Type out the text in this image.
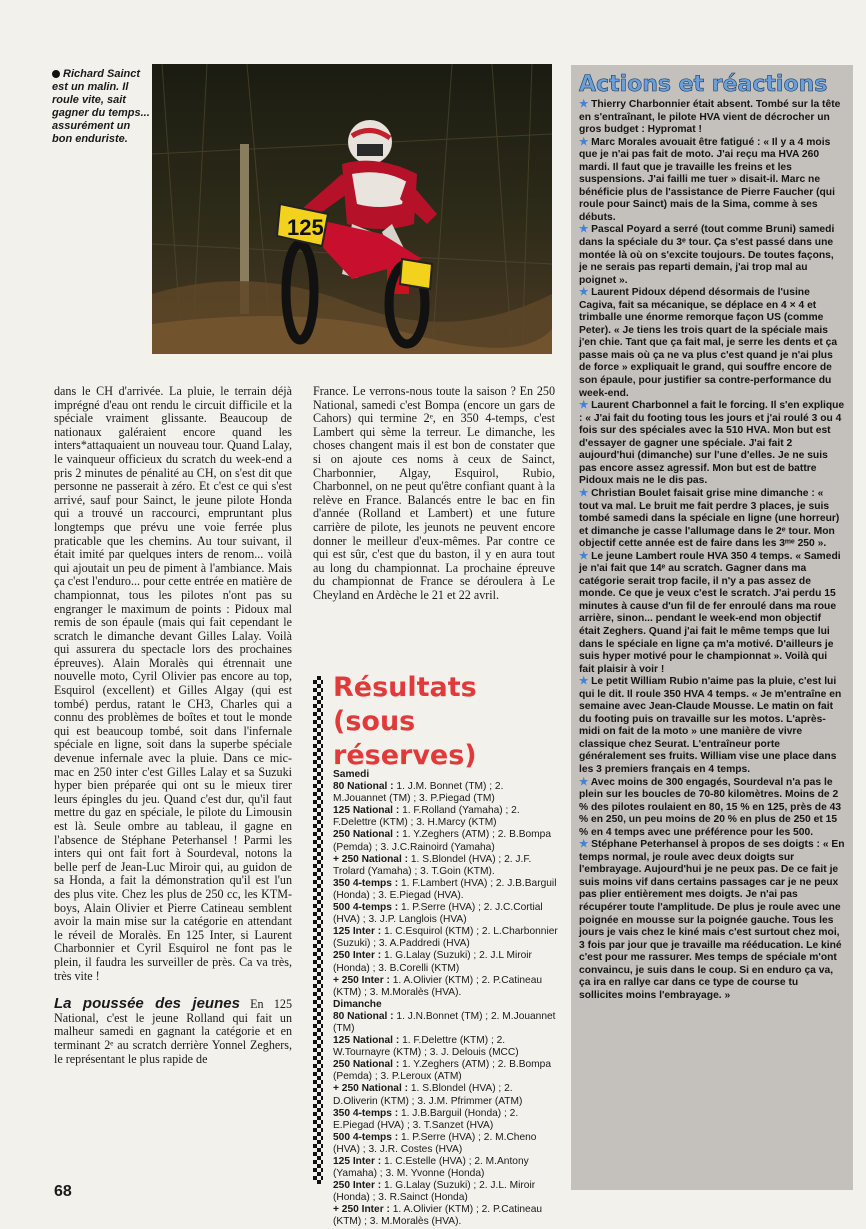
Richard Sainct est un malin. Il roule vite, sait gagner du temps... assurément un bon enduriste.
125

dans le CH d'arrivée. La pluie, le terrain déjà imprégné d'eau ont rendu le circuit difficile et la spéciale vraiment glissante. Beaucoup de nationaux galéraient encore quand les inters*attaquaient un nouveau tour. Quand Lalay, le vainqueur officieux du scratch du week-end a pris 2 minutes de pénalité au CH, on s'est dit que personne ne passerait à zéro. Et c'est ce qui s'est arrivé, sauf pour Sainct, le jeune pilote Honda qui a trouvé un raccourci, empruntant plus longtemps que prévu une voie ferrée plus praticable que les chemins. Au tour suivant, il était imité par quelques inters de renom... voilà qui ajoutait un peu de piment à l'ambiance. Mais ça c'est l'enduro... pour cette entrée en matière de championnat, tous les pilotes n'ont pas su engranger le maximum de points : Pidoux mal remis de son épaule (mais qui fait cependant le scratch le dimanche devant Gilles Lalay. Voilà qui assurera du spectacle lors des prochaines épreuves). Alain Moralès qui étrennait une nouvelle moto, Cyril Olivier pas encore au top, Esquirol (excellent) et Gilles Algay (qui est tombé) perdus, ratant le CH3, Charles qui a connu des problèmes de boîtes et tout le monde qui est beaucoup tombé, soit dans l'infernale spéciale en ligne, soit dans la superbe spéciale devenue infernale avec la pluie. Dans ce mic-mac en 250 inter c'est Gilles Lalay et sa Suzuki hyper bien préparée qui ont su le mieux tirer leurs épingles du jeu. Quand c'est dur, qu'il faut mettre du gaz en spéciale, le pilote du Limousin est là. Seule ombre au tableau, il gagne en l'absence de Stéphane Peterhansel ! Parmi les inters qui ont fait fort à Sourdeval, notons la belle perf de Jean-Luc Miroir qui, au guidon de sa Honda, a fait la démonstration qu'il est l'un des plus vite. Chez les plus de 250 cc, les KTM-boys, Alain Olivier et Pierre Catineau semblent avoir la main mise sur la catégorie en attendant le réveil de Moralès. En 125 Inter, si Laurent Charbonnier et Cyril Esquirol ne font pas le plein, il faudra les surveiller de près. Ca va très, très vite !

La poussée des jeunes En 125 National, c'est le jeune Rolland qui fait un malheur samedi en gagnant la catégorie et en terminant 2ᵉ au scratch derrière Yonnel Zeghers, le représentant le plus rapide de

France. Le verrons-nous toute la saison ? En 250 National, samedi c'est Bompa (encore un gars de Cahors) qui termine 2ᵉ, en 350 4-temps, c'est Lambert qui sème la terreur. Le dimanche, les choses changent mais il est bon de constater que si on ajoute ces noms à ceux de Sainct, Charbonnier, Algay, Esquirol, Rubio, Charbonnel, on ne peut qu'être confiant quant à la relève en France. Balancés entre le bac en fin d'année (Rolland et Lambert) et une future carrière de pilote, les jeunots ne peuvent encore donner le meilleur d'eux-mêmes. Par contre ce qui est sûr, c'est que du baston, il y en aura tout au long du championnat. La prochaine épreuve du championnat de France se déroulera à Le Cheyland en Ardèche le 21 et 22 avril.

Résultats (sous réserves)

Samedi

80 National : 1. J.M. Bonnet (TM) ; 2. M.Jouannet (TM) ; 3. P.Piegad (TM)

125 National : 1. F.Rolland (Yamaha) ; 2. F.Delettre (KTM) ; 3. H.Marcy (KTM)

250 National : 1. Y.Zeghers (ATM) ; 2. B.Bompa (Pemda) ; 3. J.C.Rainoird (Yamaha)

+ 250 National : 1. S.Blondel (HVA) ; 2. J.F. Trolard (Yamaha) ; 3. T.Goin (KTM).

350 4-temps : 1. F.Lambert (HVA) ; 2. J.B.Barguil (Honda) ; 3. E.Piegad (HVA).

500 4-temps : 1. P.Serre (HVA) ; 2. J.C.Cortial (HVA) ; 3. J.P. Langlois (HVA)

125 Inter : 1. C.Esquirol (KTM) ; 2. L.Charbonnier (Suzuki) ; 3. A.Paddredi (HVA)

250 Inter : 1. G.Lalay (Suzuki) ; 2. J.L Miroir (Honda) ; 3. B.Corelli (KTM)

+ 250 Inter : 1. A.Olivier (KTM) ; 2. P.Catineau (KTM) ; 3. M.Moralès (HVA).

Dimanche

80 National : 1. J.N.Bonnet (TM) ; 2. M.Jouannet (TM)

125 National : 1. F.Delettre (KTM) ; 2. W.Tournayre (KTM) ; 3. J. Delouis (MCC)

250 National : 1. Y.Zeghers (ATM) ; 2. B.Bompa (Pemda) ; 3. P.Leroux (ATM)

+ 250 National : 1. S.Blondel (HVA) ; 2. D.Oliverin (KTM) ; 3. J.M. Pfrimmer (ATM)

350 4-temps : 1. J.B.Barguil (Honda) ; 2. E.Piegad (HVA) ; 3. T.Sanzet (HVA)

500 4-temps : 1. P.Serre (HVA) ; 2. M.Cheno (HVA) ; 3. J.R. Costes (HVA)

125 Inter : 1. C.Estelle (HVA) ; 2. M.Antony (Yamaha) ; 3. M. Yvonne (Honda)

250 Inter : 1. G.Lalay (Suzuki) ; 2. J.L. Miroir (Honda) ; 3. R.Sainct (Honda)

+ 250 Inter : 1. A.Olivier (KTM) ; 2. P.Catineau (KTM) ; 3. M.Moralès (HVA).

68
Actions et réactions

★ Thierry Charbonnier était absent. Tombé sur la tête en s'entraînant, le pilote HVA vient de décrocher un gros budget : Hypromat !

★ Marc Morales avouait être fatigué : « Il y a 4 mois que je n'ai pas fait de moto. J'ai reçu ma HVA 260 mardi. Il faut que je travaille les freins et les suspensions. J'ai failli me tuer » disait-il. Marc ne bénéficie plus de l'assistance de Pierre Faucher (qui roule pour Sainct) mais de la Sima, comme à ses débuts.

★ Pascal Poyard a serré (tout comme Bruni) samedi dans la spéciale du 3ᵉ tour. Ça s'est passé dans une montée là où on s'excite toujours. De toutes façons, je ne serais pas reparti demain, j'ai trop mal au poignet ».

★ Laurent Pidoux dépend désormais de l'usine Cagiva, fait sa mécanique, se déplace en 4 × 4 et trimballe une énorme remorque façon US (comme Peter). « Je tiens les trois quart de la spéciale mais j'en chie. Tant que ça fait mal, je serre les dents et ça passe mais où ça ne va plus c'est quand je n'ai plus de force » expliquait le grand, qui souffre encore de son épaule, pour justifier sa contre-performance du week-end.

★ Laurent Charbonnel a fait le forcing. Il s'en explique : « J'ai fait du footing tous les jours et j'ai roulé 3 ou 4 fois sur des spéciales avec la 510 HVA. Mon but est d'essayer de gagner une spéciale. J'ai fait 2 aujourd'hui (dimanche) sur l'une d'elles. Je ne suis pas encore assez agressif. Mon but est de battre Pidoux mais ne le dis pas.

★ Christian Boulet faisait grise mine dimanche : « tout va mal. Le bruit me fait perdre 3 places, je suis tombé samedi dans la spéciale en ligne (une horreur) et dimanche je casse l'allumage dans le 2ᵉ tour. Mon objectif cette année est de faire dans les 3ᵐᵉ 250 ».

★ Le jeune Lambert roule HVA 350 4 temps. « Samedi je n'ai fait que 14ᵉ au scratch. Gagner dans ma catégorie serait trop facile, il n'y a pas assez de monde. Ce que je veux c'est le scratch. J'ai perdu 15 minutes à cause d'un fil de fer enroulé dans ma roue arrière, sinon... pendant le week-end mon objectif était Zeghers. Quand j'ai fait le même temps que lui dans le spéciale en ligne ça m'a motivé. D'ailleurs je suis hyper motivé pour le championnat ». Voilà qui fait plaisir à voir !

★ Le petit William Rubio n'aime pas la pluie, c'est lui qui le dit. Il roule 350 HVA 4 temps. « Je m'entraîne en semaine avec Jean-Claude Mousse. Le matin on fait du footing puis on travaille sur les motos. L'après-midi on fait de la moto » une manière de vivre classique chez Seurat. L'entraîneur porte généralement ses fruits. William vise une place dans les 3 premiers français en 4 temps.

★ Avec moins de 300 engagés, Sourdeval n'a pas le plein sur les boucles de 70-80 kilomètres. Moins de 2 % des pilotes roulaient en 80, 15 % en 125, près de 43 % en 250, un peu moins de 20 % en plus de 250 et 15 % en 4 temps avec une préférence pour les 500.

★ Stéphane Peterhansel à propos de ses doigts : « En temps normal, je roule avec deux doigts sur l'embrayage. Aujourd'hui je ne peux pas. De ce fait je suis moins vif dans certains passages car je ne peux pas plier entièrement mes doigts. Je n'ai pas récupérer toute l'amplitude. De plus je roule avec une poignée en mousse sur la poignée gauche. Tous les jours je vais chez le kiné mais c'est surtout chez moi, 3 fois par jour que je travaille ma rééducation. Le kiné c'est pour me rassurer. Mes temps de spéciale m'ont convaincu, je suis dans le coup. Si en enduro ça va, ça ira en rallye car dans ce type de course tu sollicites moins l'embrayage. »
